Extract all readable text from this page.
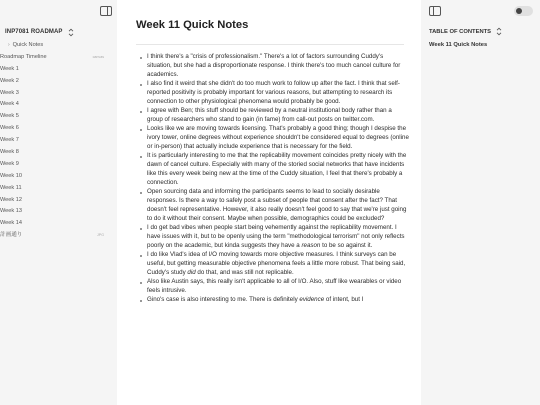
INP7081 ROADMAP
› Quick Notes
Roadmap Timeline	canvas
Week 1
Week 2
Week 3
Week 4
Week 5
Week 6
Week 7
Week 8
Week 9
Week 10
Week 11
Week 12
Week 13
Week 14
計画通り	JPG
Week 11 Quick Notes
I think there's a "crisis of professionalism." There's a lot of factors surrounding Cuddy's situation, but she had a disproportionate response. I think there's too much cancel culture for academics.
I also find it weird that she didn't do too much work to follow up after the fact. I think that self-reported positivity is probably important for various reasons, but attempting to research its connection to other physiological phenomena would probably be good.
I agree with Ben; this stuff should be reviewed by a neutral institutional body rather than a group of researchers who stand to gain (in fame) from call-out posts on twitter.com.
Looks like we are moving towards licensing. That's probably a good thing; though I despise the ivory tower, online degrees without experience shouldn't be considered equal to degrees (online or in-person) that actually include experience that is necessary for the field.
It is particularly interesting to me that the replicability movement coincides pretty nicely with the dawn of cancel culture. Especially with many of the storied social networks that have incidents like this every week being new at the time of the Cuddy situation, I feel that there's probably a connection.
Open sourcing data and informing the participants seems to lead to socially desirable responses. Is there a way to safely post a subset of people that consent after the fact? That doesn't feel representative. However, it also really doesn't feel good to say that we're just going to do it without their consent. Maybe when possible, demographics could be excluded?
I do get bad vibes when people start being vehemently against the replicability movement. I have issues with it, but to be openly using the term "methodological terrorism" not only reflects poorly on the academic, but kinda suggests they have a reason to be so against it.
I do like Vlad's idea of I/O moving towards more objective measures. I think surveys can be useful, but getting measurable objective phenomena feels a little more robust. That being said, Cuddy's study did do that, and was still not replicable.
Also like Austin says, this really isn't applicable to all of I/O. Also, stuff like wearables or video feels intrusive.
Gino's case is also interesting to me. There is definitely evidence of intent, but I
TABLE OF CONTENTS
Week 11 Quick Notes
